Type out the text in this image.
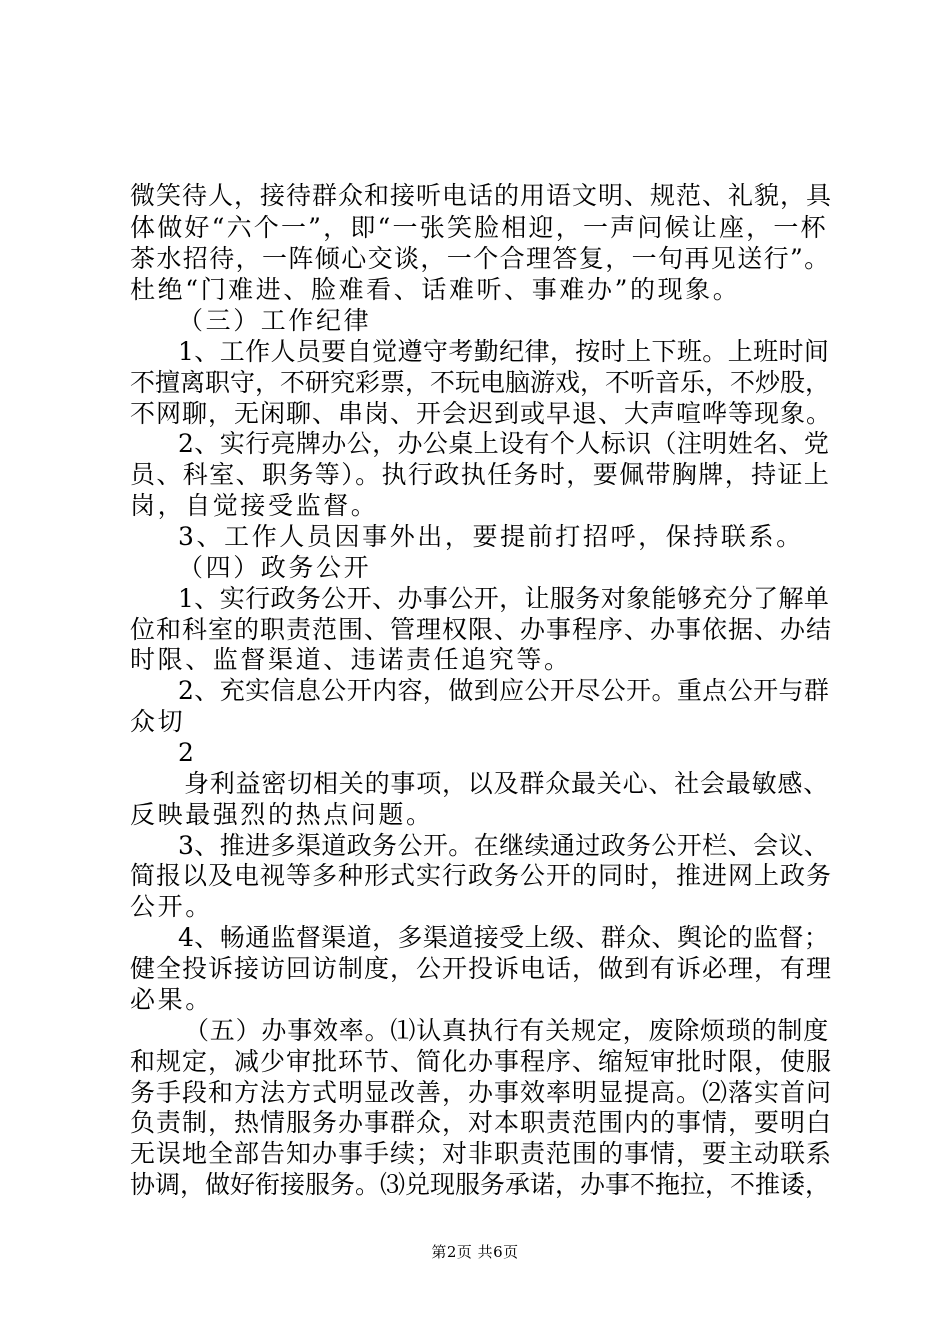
微笑待人，接待群众和接听电话的用语文明、规范、礼貌，具
体做好“六个一”，即“一张笑脸相迎，一声问候让座，一杯
茶水招待，一阵倾心交谈，一个合理答复，一句再见送行”。
杜绝“门难进、脸难看、话难听、事难办”的现象。
（三）工作纪律
1、工作人员要自觉遵守考勤纪律，按时上下班。上班时间
不擅离职守，不研究彩票，不玩电脑游戏，不听音乐，不炒股，
不网聊，无闲聊、串岗、开会迟到或早退、大声喧哗等现象。
2、实行亮牌办公，办公桌上设有个人标识（注明姓名、党
员、科室、职务等）。执行政执任务时，要佩带胸牌，持证上
岗，自觉接受监督。
3、工作人员因事外出，要提前打招呼，保持联系。
（四）政务公开
1、实行政务公开、办事公开，让服务对象能够充分了解单
位和科室的职责范围、管理权限、办事程序、办事依据、办结
时限、监督渠道、违诺责任追究等。
2、充实信息公开内容，做到应公开尽公开。重点公开与群
众切
2
身利益密切相关的事项，以及群众最关心、社会最敏感、
反映最强烈的热点问题。
3、推进多渠道政务公开。在继续通过政务公开栏、会议、
简报以及电视等多种形式实行政务公开的同时，推进网上政务
公开。
4、畅通监督渠道，多渠道接受上级、群众、舆论的监督；
健全投诉接访回访制度，公开投诉电话，做到有诉必理，有理
必果。
（五）办事效率。⑴认真执行有关规定，废除烦琐的制度
和规定，减少审批环节、简化办事程序、缩短审批时限，使服
务手段和方法方式明显改善，办事效率明显提高。⑵落实首问
负责制，热情服务办事群众，对本职责范围内的事情，要明白
无误地全部告知办事手续；对非职责范围的事情，要主动联系
协调，做好衔接服务。⑶兑现服务承诺，办事不拖拉，不推诿，
第2页 共6页
